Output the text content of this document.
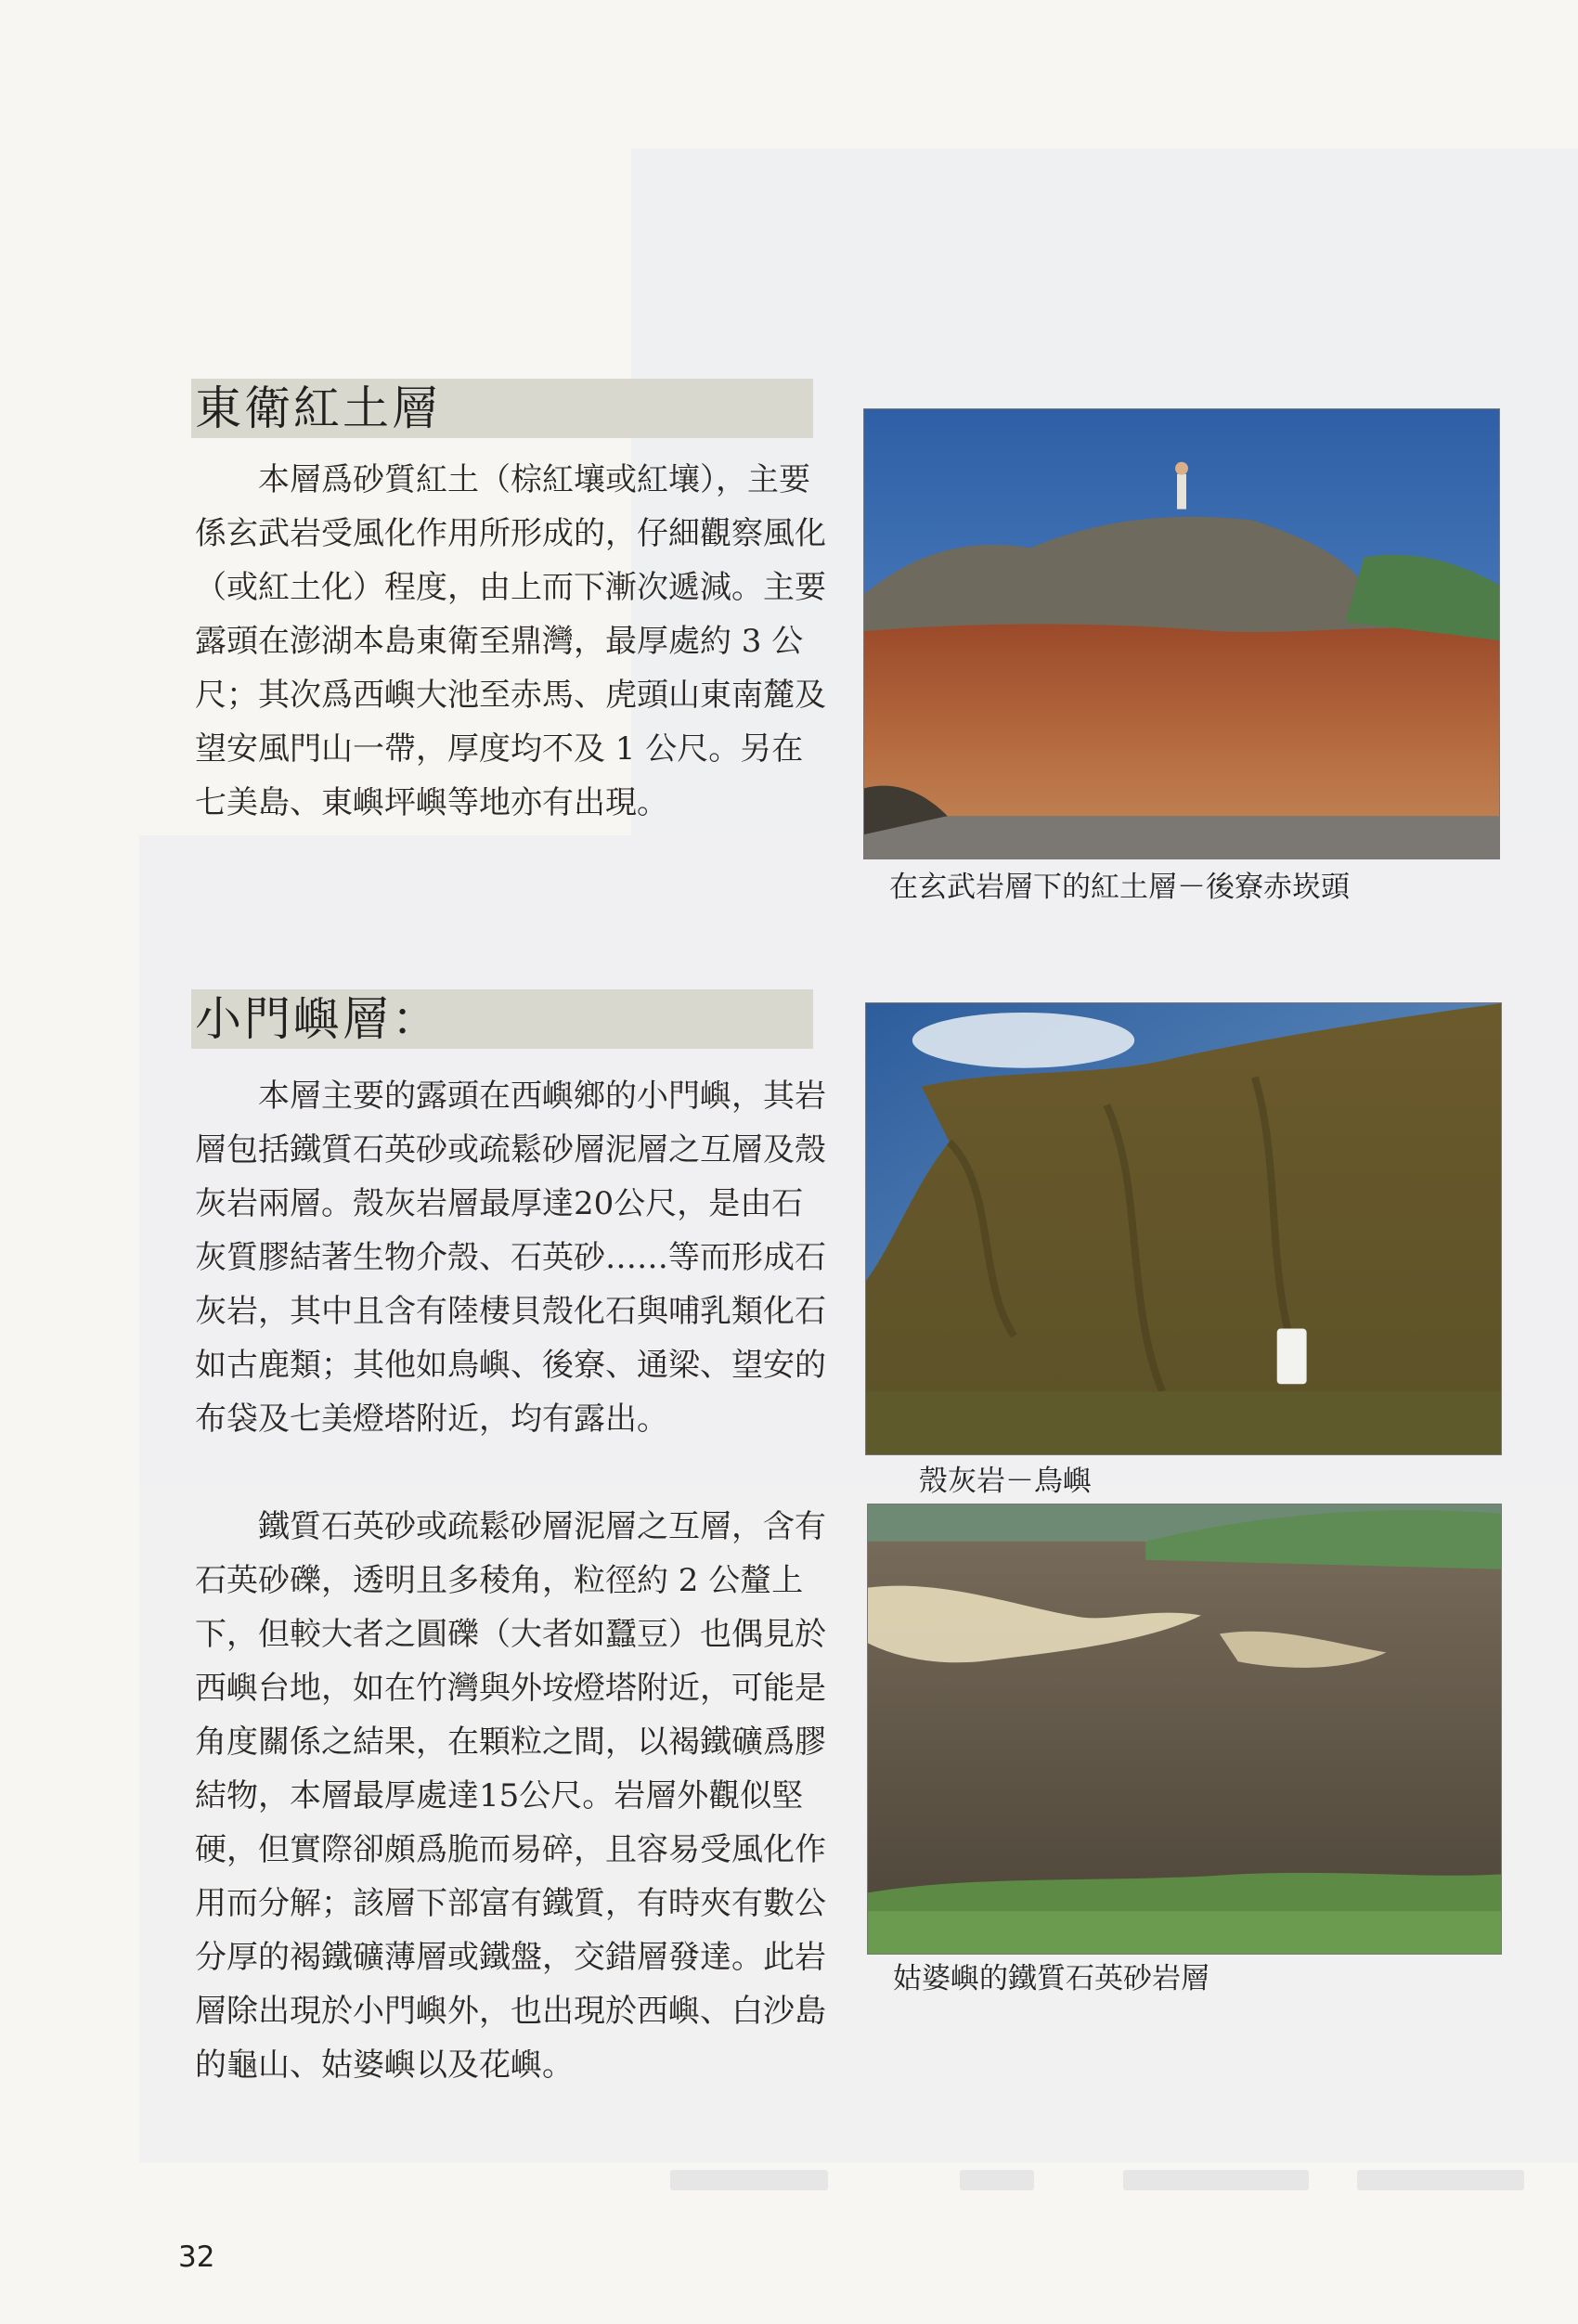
東衛紅土層

本層爲砂質紅土（棕紅壤或紅壤），主要係玄武岩受風化作用所形成的，仔細觀察風化（或紅土化）程度，由上而下漸次遞減。主要露頭在澎湖本島東衛至鼎灣，最厚處約 3 公尺；其次爲西嶼大池至赤馬、虎頭山東南麓及望安風門山一帶，厚度均不及 1 公尺。另在七美島、東嶼坪嶼等地亦有出現。

在玄武岩層下的紅土層－後寮赤崁頭
小門嶼層：

本層主要的露頭在西嶼鄉的小門嶼，其岩層包括鐵質石英砂或疏鬆砂層泥層之互層及殼灰岩兩層。殼灰岩層最厚達20公尺，是由石灰質膠結著生物介殼、石英砂……等而形成石灰岩，其中且含有陸棲貝殼化石與哺乳類化石如古鹿類；其他如鳥嶼、後寮、通梁、望安的布袋及七美燈塔附近，均有露出。

鐵質石英砂或疏鬆砂層泥層之互層，含有石英砂礫，透明且多稜角，粒徑約 2 公釐上下，但較大者之圓礫（大者如蠶豆）也偶見於西嶼台地，如在竹灣與外垵燈塔附近，可能是角度關係之結果，在顆粒之間，以褐鐵礦爲膠結物，本層最厚處達15公尺。岩層外觀似堅硬，但實際卻頗爲脆而易碎，且容易受風化作用而分解；該層下部富有鐵質，有時夾有數公分厚的褐鐵礦薄層或鐵盤，交錯層發達。此岩層除出現於小門嶼外，也出現於西嶼、白沙島的龜山、姑婆嶼以及花嶼。

殼灰岩－鳥嶼
姑婆嶼的鐵質石英砂岩層
32
